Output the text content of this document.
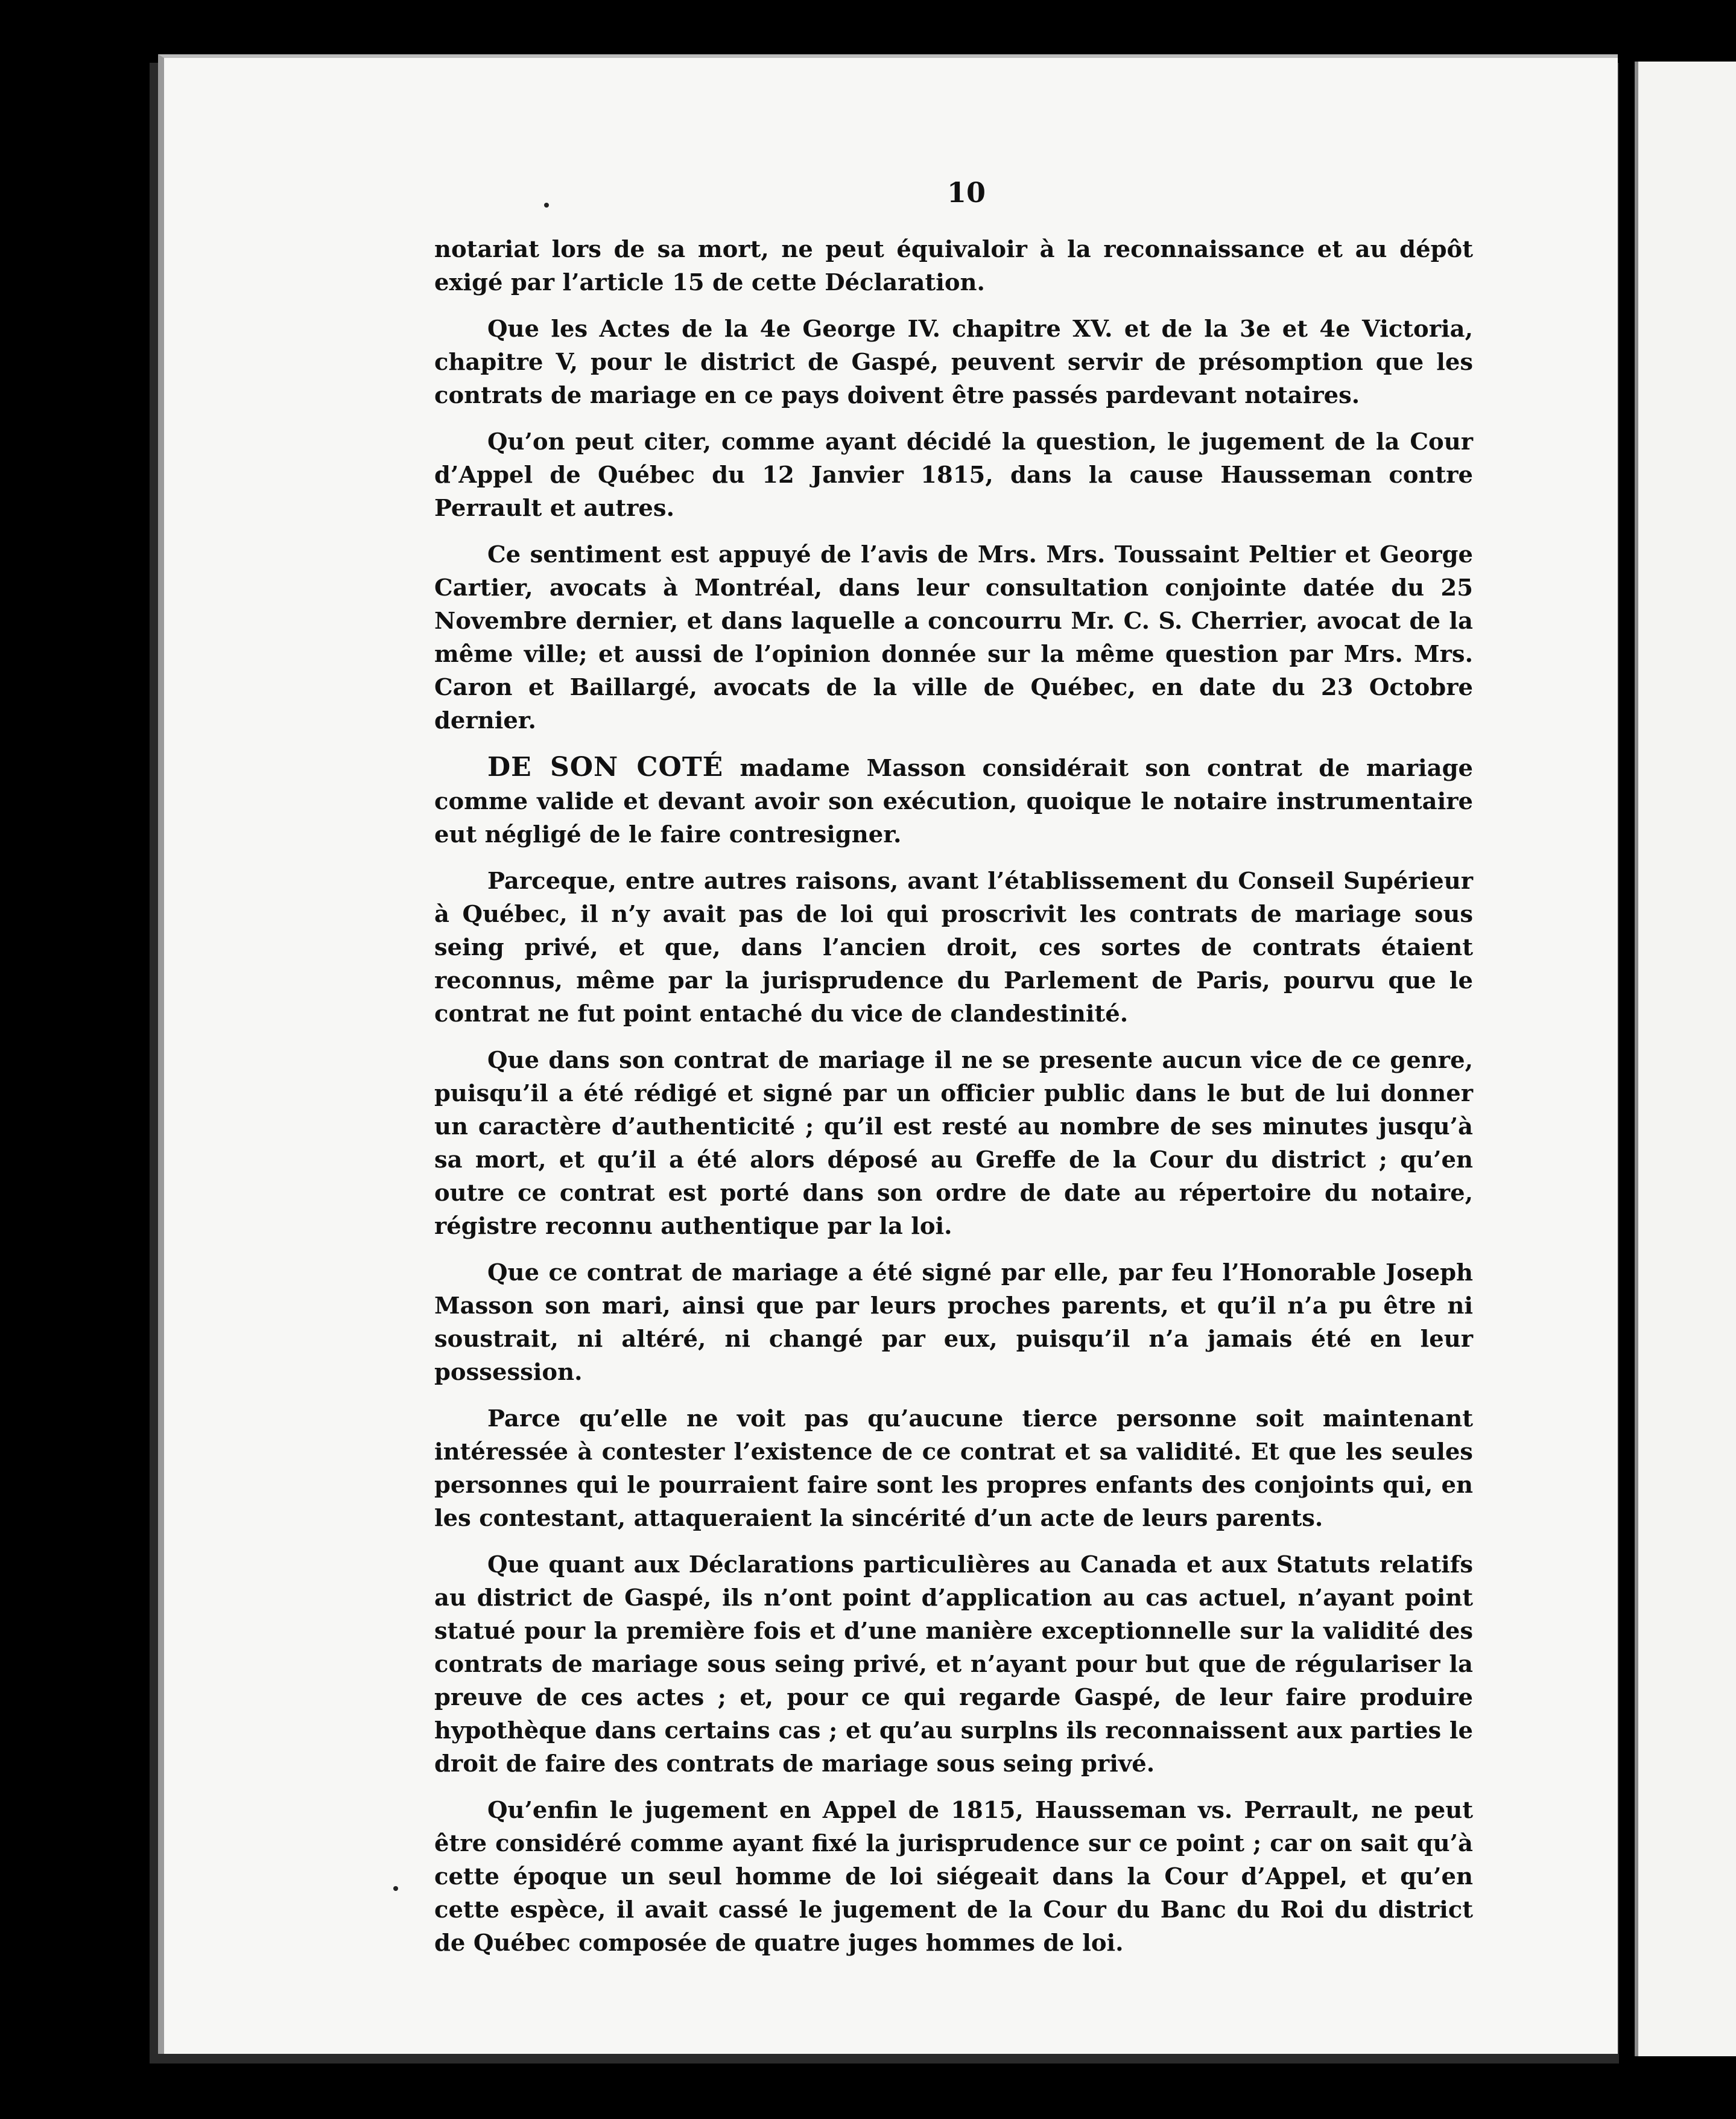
10

notariat lors de sa mort, ne peut équivaloir à la reconnaissance et au dépôt exigé par l’article 15 de cette Déclaration.

Que les Actes de la 4e George IV. chapitre XV. et de la 3e et 4e Victoria, chapitre V, pour le district de Gaspé, peuvent servir de présomption que les contrats de mariage en ce pays doivent être passés pardevant notaires.

Qu’on peut citer, comme ayant décidé la question, le jugement de la Cour d’Appel de Québec du 12 Janvier 1815, dans la cause Hausseman contre Perrault et autres.

Ce sentiment est appuyé de l’avis de Mrs. Mrs. Toussaint Peltier et George Cartier, avocats à Montréal, dans leur consultation conjointe datée du 25 Novembre dernier, et dans laquelle a concourru Mr. C. S. Cherrier, avocat de la même ville; et aussi de l’opinion donnée sur la même question par Mrs. Mrs. Caron et Baillargé, avocats de la ville de Québec, en date du 23 Octobre dernier.

DE SON COTÉ madame Masson considérait son contrat de mariage comme valide et devant avoir son exécution, quoique le notaire instrumentaire eut négligé de le faire contresigner.

Parceque, entre autres raisons, avant l’établissement du Conseil Supérieur à Québec, il n’y avait pas de loi qui proscrivit les contrats de mariage sous seing privé, et que, dans l’ancien droit, ces sortes de contrats étaient reconnus, même par la jurisprudence du Parlement de Paris, pourvu que le contrat ne fut point entaché du vice de clandestinité.

Que dans son contrat de mariage il ne se presente aucun vice de ce genre, puisqu’il a été rédigé et signé par un officier public dans le but de lui donner un caractère d’authenticité ; qu’il est resté au nombre de ses minutes jusqu’à sa mort, et qu’il a été alors déposé au Greffe de la Cour du district ; qu’en outre ce contrat est porté dans son ordre de date au répertoire du notaire, régistre reconnu authentique par la loi.

Que ce contrat de mariage a été signé par elle, par feu l’Honorable Joseph Masson son mari, ainsi que par leurs proches parents, et qu’il n’a pu être ni soustrait, ni altéré, ni changé par eux, puisqu’il n’a jamais été en leur possession.

Parce qu’elle ne voit pas qu’aucune tierce personne soit maintenant intéressée à contester l’existence de ce contrat et sa validité. Et que les seules personnes qui le pourraient faire sont les propres enfants des conjoints qui, en les contestant, attaqueraient la sincérité d’un acte de leurs parents.

Que quant aux Déclarations particulières au Canada et aux Statuts relatifs au district de Gaspé, ils n’ont point d’application au cas actuel, n’ayant point statué pour la première fois et d’une manière exceptionnelle sur la validité des contrats de mariage sous seing privé, et n’ayant pour but que de régulariser la preuve de ces actes ; et, pour ce qui regarde Gaspé, de leur faire produire hypothèque dans certains cas ; et qu’au surplns ils reconnaissent aux parties le droit de faire des contrats de mariage sous seing privé.

Qu’enfin le jugement en Appel de 1815, Hausseman vs. Perrault, ne peut être considéré comme ayant fixé la jurisprudence sur ce point ; car on sait qu’à cette époque un seul homme de loi siégeait dans la Cour d’Appel, et qu’en cette espèce, il avait cassé le jugement de la Cour du Banc du Roi du district de Québec composée de quatre juges hommes de loi.
